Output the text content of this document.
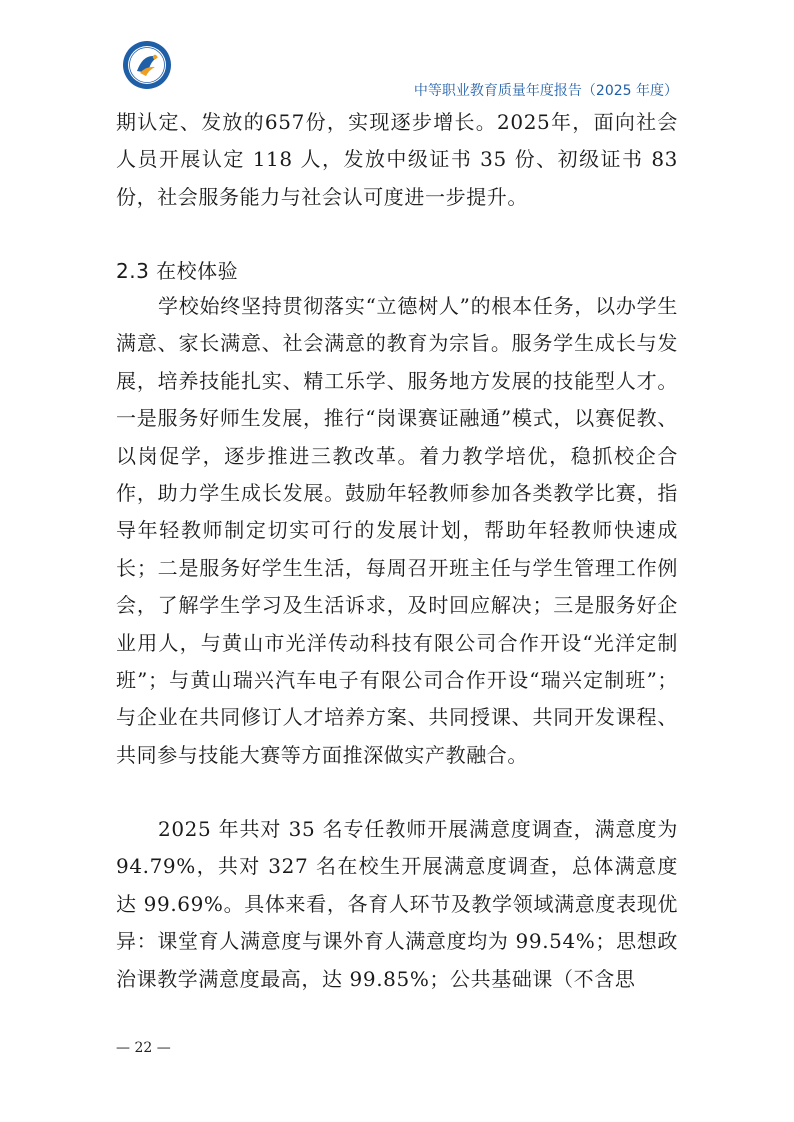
中等职业教育质量年度报告（2025 年度）

期认定、发放的657份，实现逐步增长。2025年，面向社会人员开展认定 118 人，发放中级证书 35 份、初级证书 83 份，社会服务能力与社会认可度进一步提升。

2.3 在校体验

学校始终坚持贯彻落实“立德树人”的根本任务，以办学生满意、家长满意、社会满意的教育为宗旨。服务学生成长与发展，培养技能扎实、精工乐学、服务地方发展的技能型人才。一是服务好师生发展，推行“岗课赛证融通”模式，以赛促教、以岗促学，逐步推进三教改革。着力教学培优，稳抓校企合作，助力学生成长发展。鼓励年轻教师参加各类教学比赛，指导年轻教师制定切实可行的发展计划，帮助年轻教师快速成长；二是服务好学生生活，每周召开班主任与学生管理工作例会，了解学生学习及生活诉求，及时回应解决；三是服务好企业用人，与黄山市光洋传动科技有限公司合作开设“光洋定制班”；与黄山瑞兴汽车电子有限公司合作开设“瑞兴定制班”；与企业在共同修订人才培养方案、共同授课、共同开发课程、共同参与技能大赛等方面推深做实产教融合。

2025 年共对 35 名专任教师开展满意度调查，满意度为 94.79%，共对 327 名在校生开展满意度调查，总体满意度达 99.69%。具体来看，各育人环节及教学领域满意度表现优异：课堂育人满意度与课外育人满意度均为 99.54%；思想政治课教学满意度最高，达 99.85%；公共基础课（不含思

— 22 —
